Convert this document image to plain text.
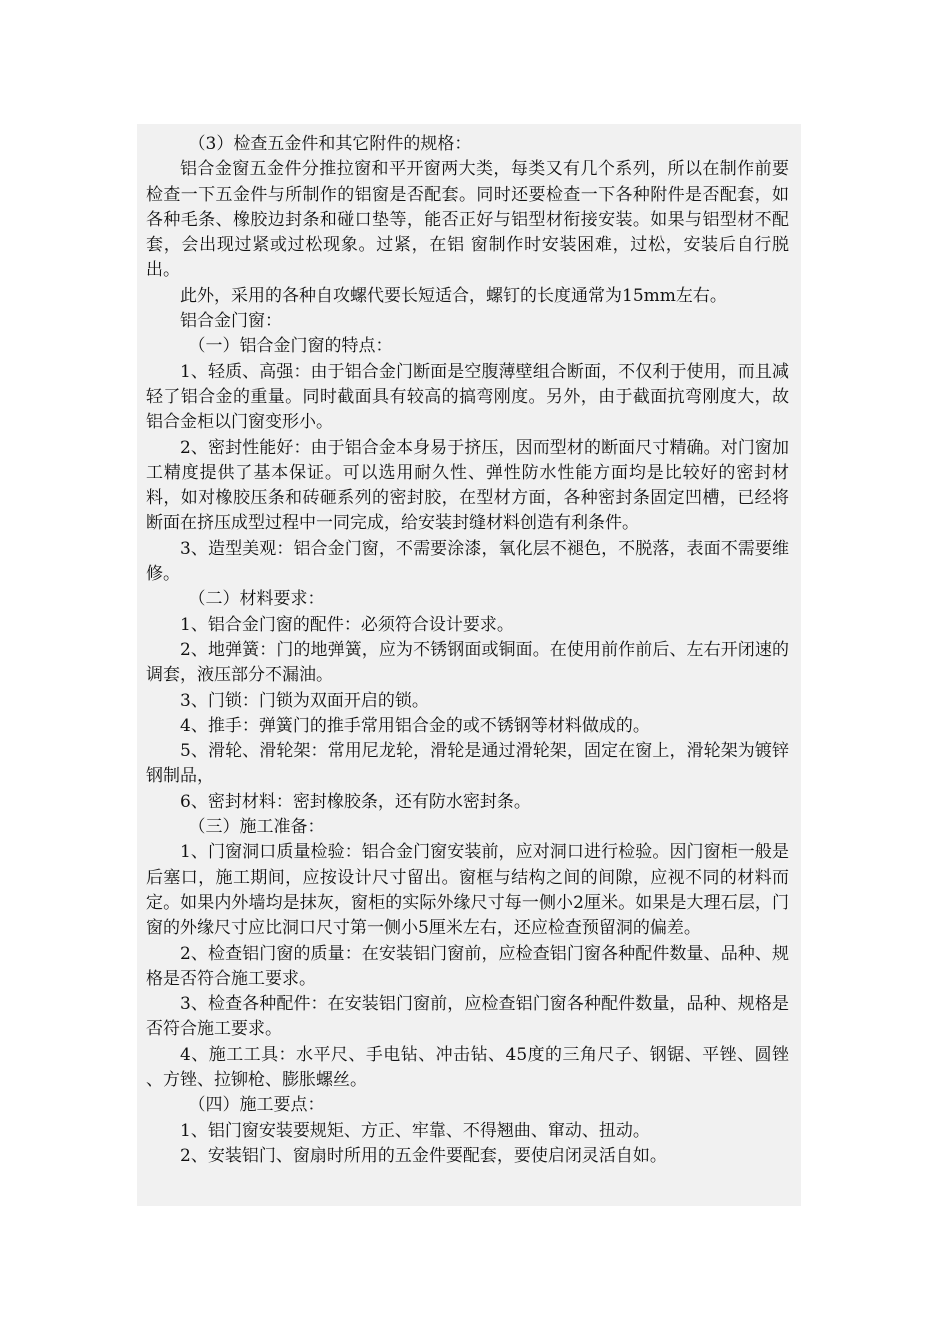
（3）检查五金件和其它附件的规格：

铝合金窗五金件分推拉窗和平开窗两大类，每类又有几个系列，所以在制作前要检查一下五金件与所制作的铝窗是否配套。同时还要检查一下各种附件是否配套，如各种毛条、橡胶边封条和碰口垫等，能否正好与铝型材衔接安装。如果与铝型材不配套，会出现过紧或过松现象。过紧，在铝 窗制作时安装困难，过松，安装后自行脱出。

此外，采用的各种自攻螺代要长短适合，螺钉的长度通常为15mm左右。

铝合金门窗：

（一）铝合金门窗的特点：

1、轻质、高强：由于铝合金门断面是空腹薄壁组合断面，不仅利于使用，而且减轻了铝合金的重量。同时截面具有较高的搞弯刚度。另外，由于截面抗弯刚度大，故铝合金柜以门窗变形小。

2、密封性能好：由于铝合金本身易于挤压，因而型材的断面尺寸精确。对门窗加工精度提供了基本保证。可以选用耐久性、弹性防水性能方面均是比较好的密封材料，如对橡胶压条和砖砸系列的密封胶，在型材方面，各种密封条固定凹槽，已经将断面在挤压成型过程中一同完成，给安装封缝材料创造有利条件。

3、造型美观：铝合金门窗，不需要涂漆，氧化层不褪色，不脱落，表面不需要维修。

（二）材料要求：

1、铝合金门窗的配件：必须符合设计要求。

2、地弹簧：门的地弹簧，应为不锈钢面或铜面。在使用前作前后、左右开闭速的调套，液压部分不漏油。

3、门锁：门锁为双面开启的锁。

4、推手：弹簧门的推手常用铝合金的或不锈钢等材料做成的。

5、滑轮、滑轮架：常用尼龙轮，滑轮是通过滑轮架，固定在窗上，滑轮架为镀锌钢制品，

6、密封材料：密封橡胶条，还有防水密封条。

（三）施工准备：

1、门窗洞口质量检验：铝合金门窗安装前，应对洞口进行检验。因门窗柜一般是后塞口，施工期间，应按设计尺寸留出。窗框与结构之间的间隙，应视不同的材料而定。如果内外墙均是抹灰，窗柜的实际外缘尺寸每一侧小2厘米。如果是大理石层，门窗的外缘尺寸应比洞口尺寸第一侧小5厘米左右，还应检查预留洞的偏差。

2、检查铝门窗的质量：在安装铝门窗前，应检查铝门窗各种配件数量、品种、规格是否符合施工要求。

3、检查各种配件：在安装铝门窗前，应检查铝门窗各种配件数量，品种、规格是否符合施工要求。

4、施工工具：水平尺、手电钻、冲击钻、45度的三角尺子、钢锯、平锉、圆锉 、方锉、拉铆枪、膨胀螺丝。

（四）施工要点：

1、铝门窗安装要规矩、方正、牢靠、不得翘曲、窜动、扭动。

2、安装铝门、窗扇时所用的五金件要配套，要使启闭灵活自如。
